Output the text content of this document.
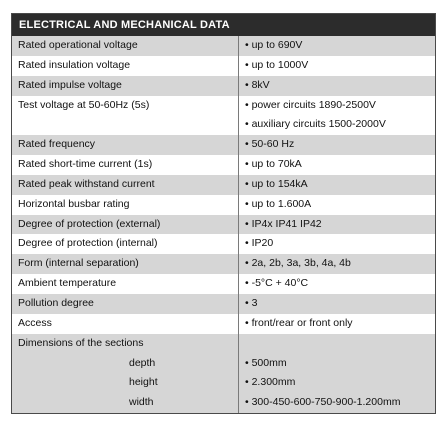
ELECTRICAL AND MECHANICAL DATA
Rated operational voltage	• up to 690V
Rated insulation voltage	• up to 1000V
Rated impulse voltage	• 8kV
Test voltage at 50-60Hz (5s)	• power circuits 1890-2500V
• auxiliary circuits 1500-2000V
Rated frequency	• 50-60 Hz
Rated short-time current (1s)	• up to 70kA
Rated peak withstand current	• up to 154kA
Horizontal busbar rating	• up to 1.600A
Degree of protection (external)	• IP4x IP41 IP42
Degree of protection (internal)	• IP20
Form (internal separation)	• 2a, 2b, 3a, 3b, 4a, 4b
Ambient temperature	• -5°C + 40°C
Pollution degree	• 3
Access	• front/rear or front only
Dimensions of the sections
depth	• 500mm
height	• 2.300mm
width	• 300-450-600-750-900-1.200mm
